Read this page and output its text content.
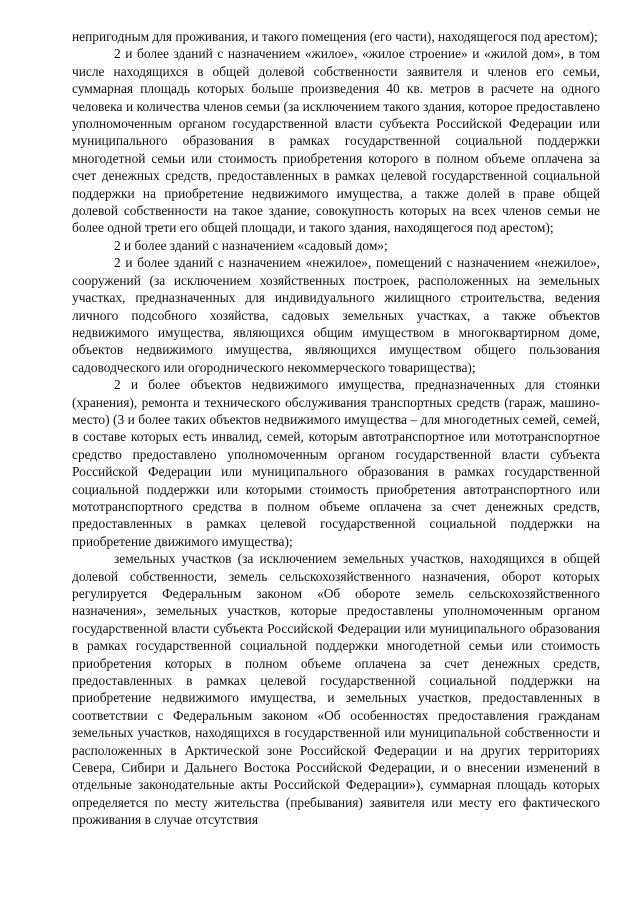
непригодным для проживания, и такого помещения (его части), находящегося под арестом);

2 и более зданий с назначением «жилое», «жилое строение» и «жилой дом», в том числе находящихся в общей долевой собственности заявителя и членов его семьи, суммарная площадь которых больше произведения 40 кв. метров в расчете на одного человека и количества членов семьи (за исключением такого здания, которое предоставлено уполномоченным органом государственной власти субъекта Российской Федерации или муниципального образования в рамках государственной социальной поддержки многодетной семьи или стоимость приобретения которого в полном объеме оплачена за счет денежных средств, предоставленных в рамках целевой государственной социальной поддержки на приобретение недвижимого имущества, а также долей в праве общей долевой собственности на такое здание, совокупность которых на всех членов семьи не более одной трети его общей площади, и такого здания, находящегося под арестом);

2 и более зданий с назначением «садовый дом»;

2 и более зданий с назначением «нежилое», помещений с назначением «нежилое», сооружений (за исключением хозяйственных построек, расположенных на земельных участках, предназначенных для индивидуального жилищного строительства, ведения личного подсобного хозяйства, садовых земельных участках, а также объектов недвижимого имущества, являющихся общим имуществом в многоквартирном доме, объектов недвижимого имущества, являющихся имуществом общего пользования садоводческого или огороднического некоммерческого товарищества);

2 и более объектов недвижимого имущества, предназначенных для стоянки (хранения), ремонта и технического обслуживания транспортных средств (гараж, машино-место) (3 и более таких объектов недвижимого имущества – для многодетных семей, семей, в составе которых есть инвалид, семей, которым автотранспортное или мототранспортное средство предоставлено уполномоченным органом государственной власти субъекта Российской Федерации или муниципального образования в рамках государственной социальной поддержки или которыми стоимость приобретения автотранспортного или мототранспортного средства в полном объеме оплачена за счет денежных средств, предоставленных в рамках целевой государственной социальной поддержки на приобретение движимого имущества);

земельных участков (за исключением земельных участков, находящихся в общей долевой собственности, земель сельскохозяйственного назначения, оборот которых регулируется Федеральным законом «Об обороте земель сельскохозяйственного назначения», земельных участков, которые предоставлены уполномоченным органом государственной власти субъекта Российской Федерации или муниципального образования в рамках государственной социальной поддержки многодетной семьи или стоимость приобретения которых в полном объеме оплачена за счет денежных средств, предоставленных в рамках целевой государственной социальной поддержки на приобретение недвижимого имущества, и земельных участков, предоставленных в соответствии с Федеральным законом «Об особенностях предоставления гражданам земельных участков, находящихся в государственной или муниципальной собственности и расположенных в Арктической зоне Российской Федерации и на других территориях Севера, Сибири и Дальнего Востока Российской Федерации, и о внесении изменений в отдельные законодательные акты Российской Федерации»), суммарная площадь которых определяется по месту жительства (пребывания) заявителя или месту его фактического проживания в случае отсутствия
